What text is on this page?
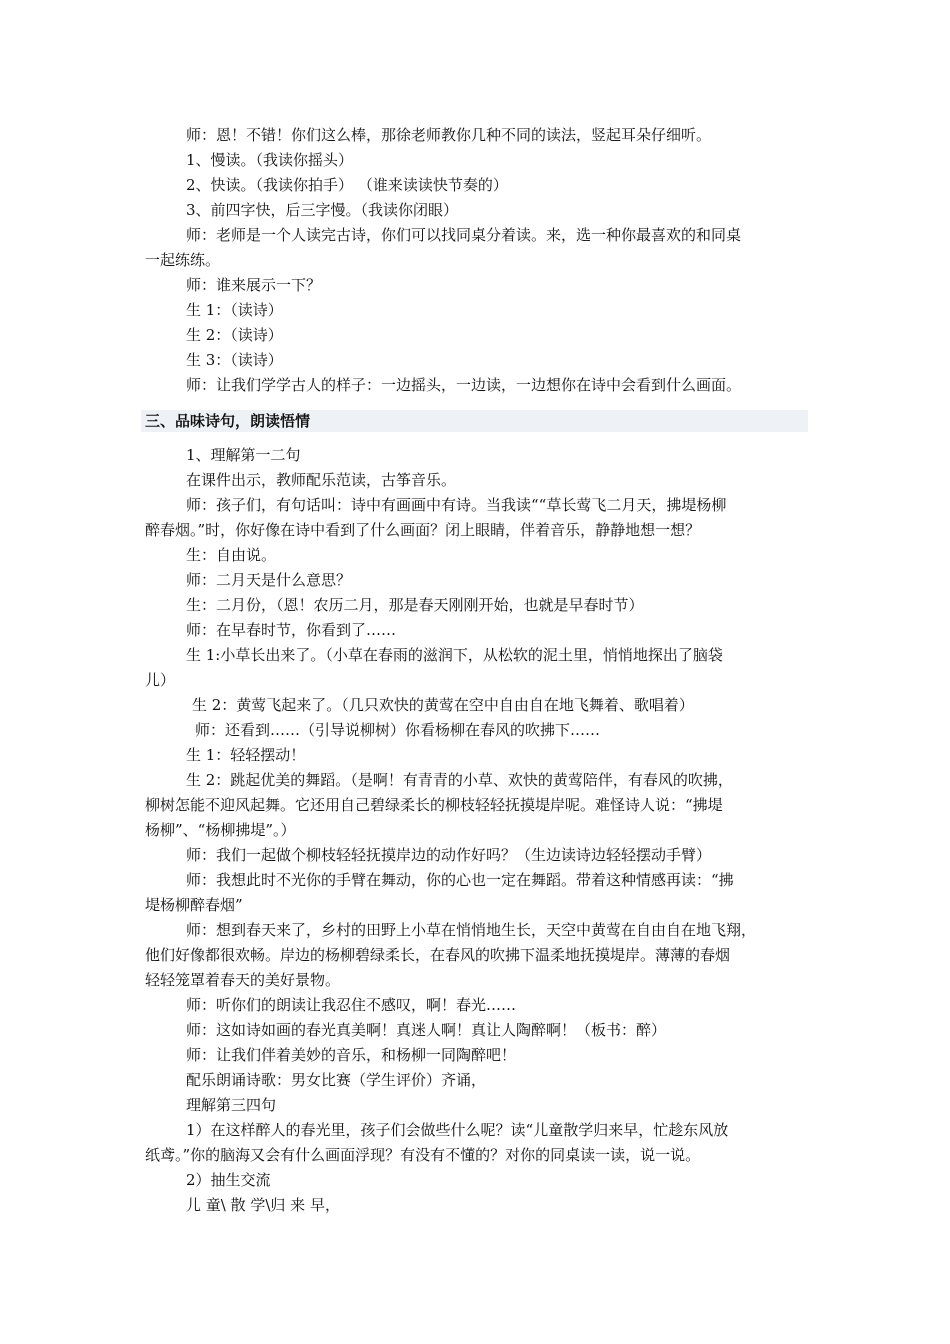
师：恩！不错！你们这么棒，那徐老师教你几种不同的读法，竖起耳朵仔细听。
1、慢读。（我读你摇头）
2、快读。（我读你拍手） （谁来读读快节奏的）
3、前四字快，后三字慢。（我读你闭眼）
师：老师是一个人读完古诗，你们可以找同桌分着读。来，选一种你最喜欢的和同桌
一起练练。
师：谁来展示一下？
生 1：（读诗）
生 2：（读诗）
生 3：（读诗）
师：让我们学学古人的样子：一边摇头，一边读，一边想你在诗中会看到什么画面。
三、品味诗句，朗读悟情
1、理解第一二句
在课件出示，教师配乐范读，古筝音乐。
师：孩子们，有句话叫：诗中有画画中有诗。当我读““草长莺飞二月天，拂堤杨柳
醉春烟。”时，你好像在诗中看到了什么画面？闭上眼睛，伴着音乐，静静地想一想？
生：自由说。
师：二月天是什么意思？
生：二月份，（恩！农历二月，那是春天刚刚开始，也就是早春时节）
师：在早春时节，你看到了……
生 1:小草长出来了。（小草在春雨的滋润下，从松软的泥土里，悄悄地探出了脑袋
儿）
生 2：黄莺飞起来了。（几只欢快的黄莺在空中自由自在地飞舞着、歌唱着）
师：还看到……（引导说柳树）你看杨柳在春风的吹拂下……
生 1：轻轻摆动！
生 2：跳起优美的舞蹈。（是啊！有青青的小草、欢快的黄莺陪伴，有春风的吹拂，
柳树怎能不迎风起舞。它还用自己碧绿柔长的柳枝轻轻抚摸堤岸呢。难怪诗人说：“拂堤
杨柳”、“杨柳拂堤”。）
师：我们一起做个柳枝轻轻抚摸岸边的动作好吗？（生边读诗边轻轻摆动手臂）
师：我想此时不光你的手臂在舞动，你的心也一定在舞蹈。带着这种情感再读：“拂
堤杨柳醉春烟”
师：想到春天来了，乡村的田野上小草在悄悄地生长，天空中黄莺在自由自在地飞翔，
他们好像都很欢畅。岸边的杨柳碧绿柔长，在春风的吹拂下温柔地抚摸堤岸。薄薄的春烟
轻轻笼罩着春天的美好景物。
师：听你们的朗读让我忍住不感叹，啊！春光……
师：这如诗如画的春光真美啊！真迷人啊！真让人陶醉啊！（板书：醉）
师：让我们伴着美妙的音乐，和杨柳一同陶醉吧！
配乐朗诵诗歌：男女比赛（学生评价）齐诵，
理解第三四句
1）在这样醉人的春光里，孩子们会做些什么呢？读“儿童散学归来早，忙趁东风放
纸鸢。”你的脑海又会有什么画面浮现？有没有不懂的？对你的同桌读一读，说一说。
2）抽生交流
儿 童\ 散 学\归 来 早，
